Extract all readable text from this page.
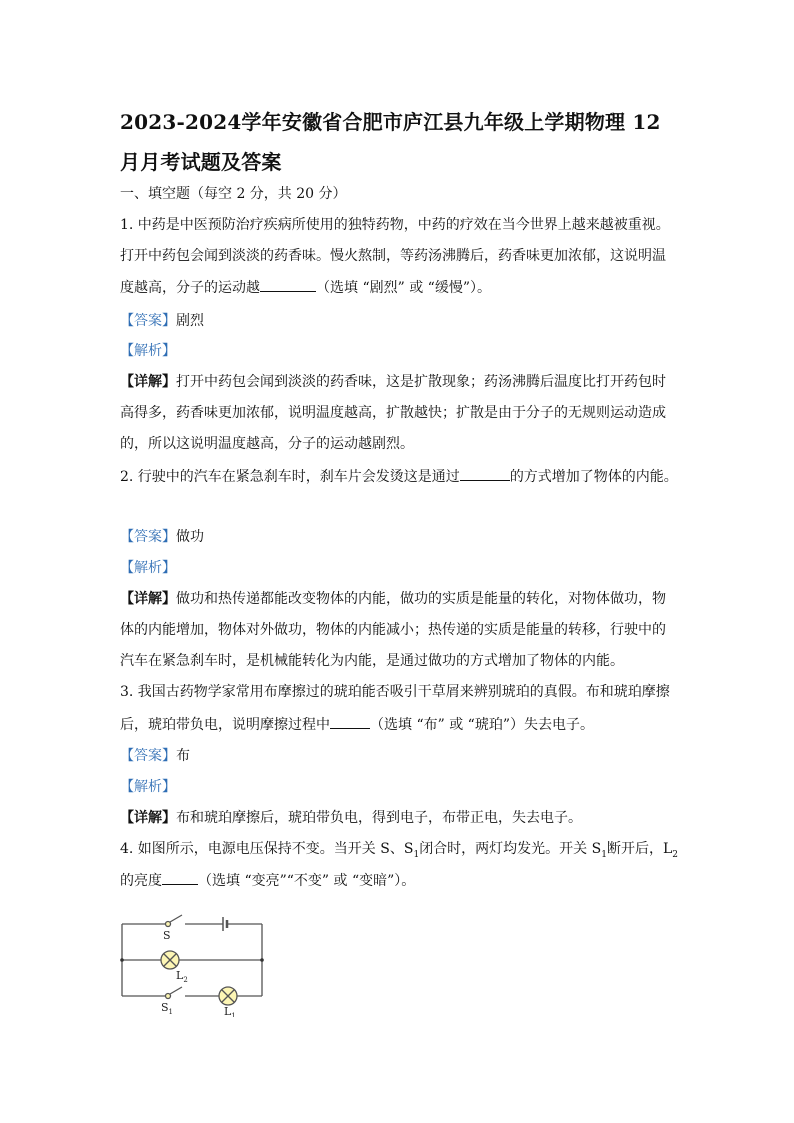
2023-2024学年安徽省合肥市庐江县九年级上学期物理 12
月月考试题及答案
一、填空题（每空 2 分，共 20 分）
1. 中药是中医预防治疗疾病所使用的独特药物，中药的疗效在当今世界上越来越被重视。
打开中药包会闻到淡淡的药香味。慢火熬制，等药汤沸腾后，药香味更加浓郁，这说明温
度越高，分子的运动越	（选填 “剧烈” 或 “缓慢”）。
【答案】剧烈
【解析】
【详解】打开中药包会闻到淡淡的药香味，这是扩散现象；药汤沸腾后温度比打开药包时
高得多，药香味更加浓郁，说明温度越高，扩散越快；扩散是由于分子的无规则运动造成
的，所以这说明温度越高，分子的运动越剧烈。
2. 行驶中的汽车在紧急刹车时，刹车片会发烫这是通过	的方式增加了物体的内能。
【答案】做功
【解析】
【详解】做功和热传递都能改变物体的内能，做功的实质是能量的转化，对物体做功，物
体的内能增加，物体对外做功，物体的内能减小；热传递的实质是能量的转移，行驶中的
汽车在紧急刹车时，是机械能转化为内能，是通过做功的方式增加了物体的内能。
3. 我国古药物学家常用布摩擦过的琥珀能否吸引干草屑来辨别琥珀的真假。布和琥珀摩擦
后，琥珀带负电，说明摩擦过程中	（选填 “布” 或 “琥珀”）失去电子。
【答案】布
【解析】
【详解】布和琥珀摩擦后，琥珀带负电，得到电子，布带正电，失去电子。
4. 如图所示，电源电压保持不变。当开关 S、$S_1$闭合时，两灯均发光。开关 $S_1$断开后，$L_2$
的亮度	（选填 “变亮”“不变” 或 “变暗”）。
S
$L_2$
$S_1$	$L_1$
